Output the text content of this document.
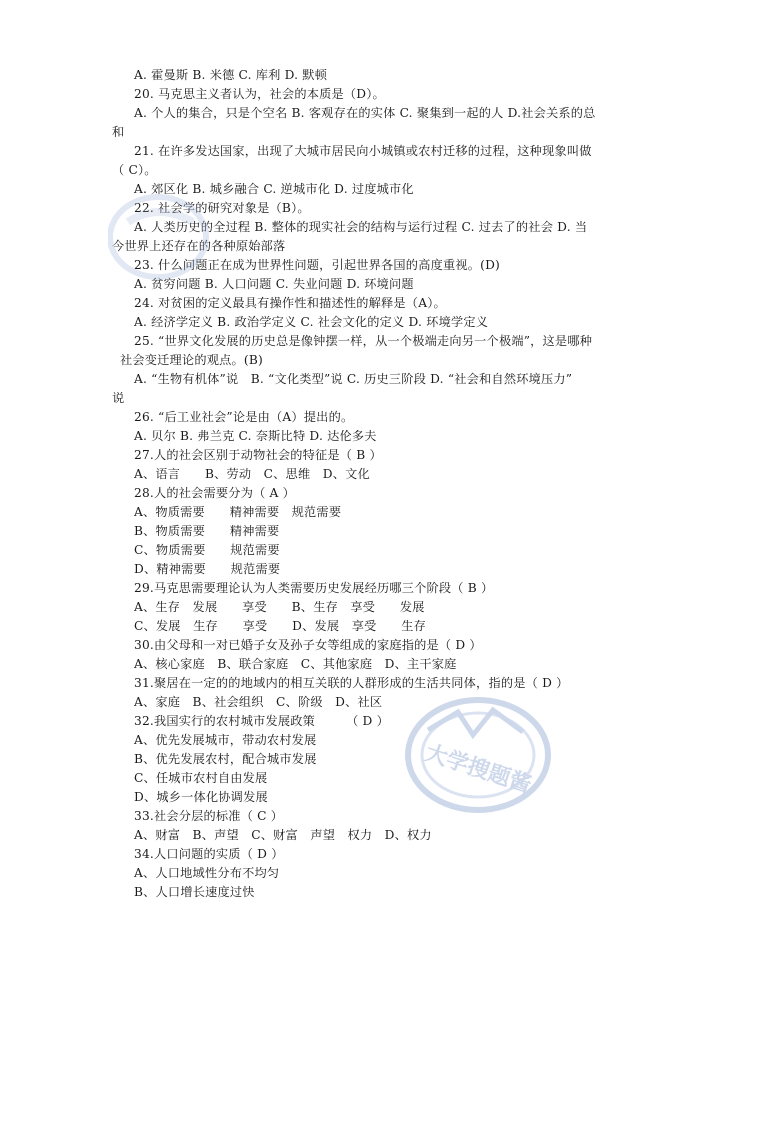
A. 霍曼斯 B. 米德 C. 库利 D. 默顿
20. 马克思主义者认为，社会的本质是（D）。
A. 个人的集合，只是个空名 B. 客观存在的实体 C. 聚集到一起的人 D.社会关系的总
和
21. 在许多发达国家，出现了大城市居民向小城镇或农村迁移的过程，这种现象叫做
（ C）。
A. 郊区化 B. 城乡融合 C. 逆城市化 D. 过度城市化
22. 社会学的研究对象是（B）。
A. 人类历史的全过程 B. 整体的现实社会的结构与运行过程 C. 过去了的社会 D. 当
今世界上还存在的各种原始部落
23. 什么问题正在成为世界性问题，引起世界各国的高度重视。(D)
A. 贫穷问题 B. 人口问题 C. 失业问题 D. 环境问题
24. 对贫困的定义最具有操作性和描述性的解释是（A）。
A. 经济学定义 B. 政治学定义 C. 社会文化的定义 D. 环境学定义
25. “世界文化发展的历史总是像钟摆一样，从一个极端走向另一个极端”，这是哪种
社会变迁理论的观点。(B)
A. “生物有机体”说　B. “文化类型”说 C. 历史三阶段 D. “社会和自然环境压力”
说
26. “后工业社会”论是由（A）提出的。
A. 贝尔 B. 弗兰克 C. 奈斯比特 D. 达伦多夫
27.人的社会区别于动物社会的特征是（ B ）
A、语言　　B、劳动　C、思维　D、文化
28.人的社会需要分为（ A ）
A、物质需要　　精神需要　规范需要
B、物质需要　　精神需要
C、物质需要　　规范需要
D、精神需要　　规范需要
29.马克思需要理论认为人类需要历史发展经历哪三个阶段（ B ）
A、生存　发展　　享受　　B、生存　享受　　发展
C、发展　生存　　享受　　D、发展　享受　　生存
30.由父母和一对已婚子女及孙子女等组成的家庭指的是（ D ）
A、核心家庭　B、联合家庭　C、其他家庭　D、主干家庭
31.聚居在一定的的地域内的相互关联的人群形成的生活共同体，指的是（ D ）
A、家庭　B、社会组织　C、阶级　D、社区
32.我国实行的农村城市发展政策　　　（ D ）
A、优先发展城市，带动农村发展
B、优先发展农村，配合城市发展
C、任城市农村自由发展
D、城乡一体化协调发展
33.社会分层的标准（ C ）
A、财富　B、声望　C、财富　声望　权力　D、权力
34.人口问题的实质（ D ）
A、人口地域性分布不均匀
B、人口增长速度过快
大学搜题酱
